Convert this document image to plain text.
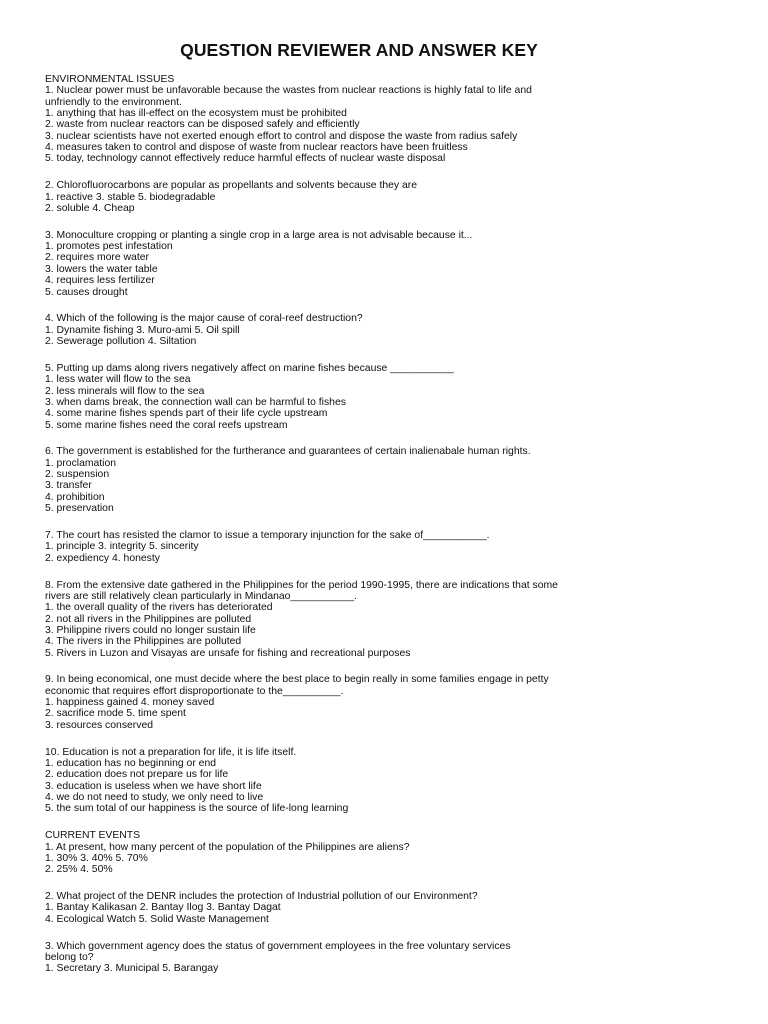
QUESTION REVIEWER AND ANSWER KEY
ENVIRONMENTAL ISSUES
1. Nuclear power must be unfavorable because the wastes from nuclear reactions is highly fatal to life and
unfriendly to the environment.
1. anything that has ill-effect on the ecosystem must be prohibited
2. waste from nuclear reactors can be disposed safely and efficiently
3. nuclear scientists have not exerted enough effort to control and dispose the waste from radius safely
4. measures taken to control and dispose of waste from nuclear reactors have been fruitless
5. today, technology cannot effectively reduce harmful effects of nuclear waste disposal
2. Chlorofluorocarbons are popular as propellants and solvents because they are
1. reactive 3. stable 5. biodegradable
2. soluble 4. Cheap
3. Monoculture cropping or planting a single crop in a large area is not advisable because it...
1. promotes pest infestation
2. requires more water
3. lowers the water table
4. requires less fertilizer
5. causes drought
4. Which of the following is the major cause of coral-reef destruction?
1. Dynamite fishing 3. Muro-ami 5. Oil spill
2. Sewerage pollution 4. Siltation
5. Putting up dams along rivers negatively affect on marine fishes because ___________
1. less water will flow to the sea
2. less minerals will flow to the sea
3. when dams break, the connection wall can be harmful to fishes
4. some marine fishes spends part of their life cycle upstream
5. some marine fishes need the coral reefs upstream
6. The government is established for the furtherance and guarantees of certain inalienabale human rights.
1. proclamation
2. suspension
3. transfer
4. prohibition
5. preservation
7. The court has resisted the clamor to issue a temporary injunction for the sake of___________.
1. principle 3. integrity 5. sincerity
2. expediency 4. honesty
8. From the extensive date gathered in the Philippines for the period 1990-1995, there are indications that some
rivers are still relatively clean particularly in Mindanao___________.
1. the overall quality of the rivers has deteriorated
2. not all rivers in the Philippines are polluted
3. Philippine rivers could no longer sustain life
4. The rivers in the Philippines are polluted
5. Rivers in Luzon and Visayas are unsafe for fishing and recreational purposes
9. In being economical, one must decide where the best place to begin really in some families engage in petty
economic that requires effort disproportionate to the__________.
1. happiness gained 4. money saved
2. sacrifice mode 5. time spent
3. resources conserved
10. Education is not a preparation for life, it is life itself.
1. education has no beginning or end
2. education does not prepare us for life
3. education is useless when we have short life
4. we do not need to study, we only need to live
5. the sum total of our happiness is the source of life-long learning
CURRENT EVENTS
1. At present, how many percent of the population of the Philippines are aliens?
1. 30% 3. 40% 5. 70%
2. 25% 4. 50%
2. What project of the DENR includes the protection of Industrial pollution of our Environment?
1. Bantay Kalikasan 2. Bantay Ilog 3. Bantay Dagat
4. Ecological Watch 5. Solid Waste Management
3. Which government agency does the status of government employees in the free voluntary services
belong to?
1. Secretary 3. Municipal 5. Barangay
